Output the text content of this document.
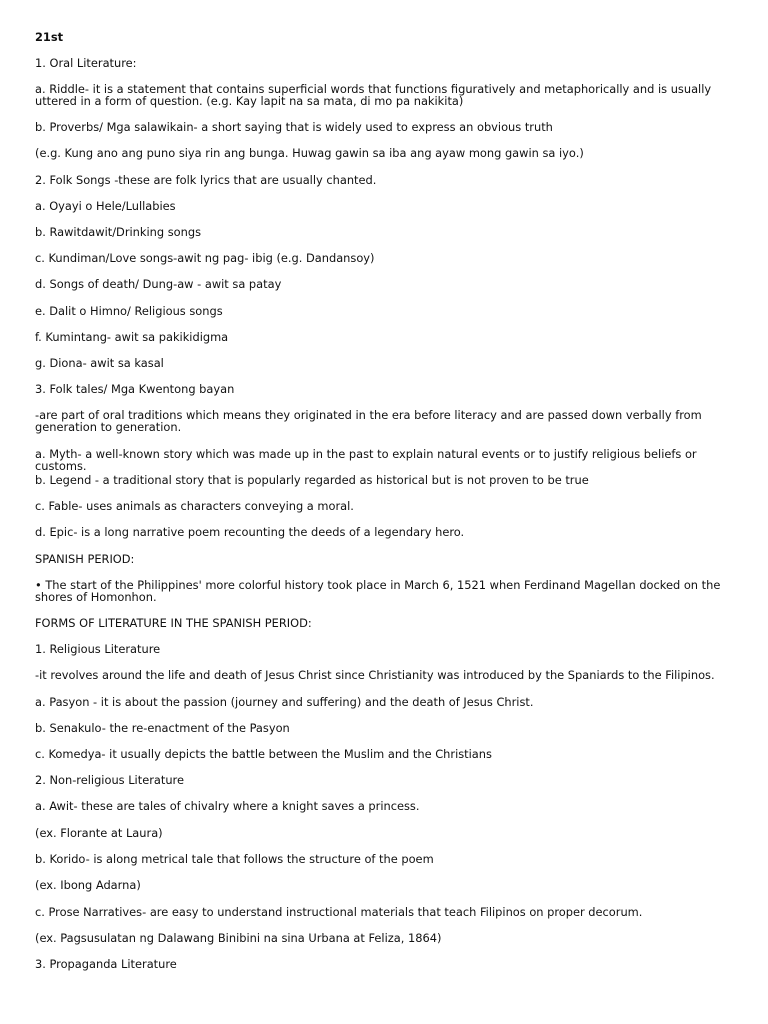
21st

1. Oral Literature:

a. Riddle- it is a statement that contains superficial words that functions figuratively and metaphorically and is usually uttered in a form of question. (e.g. Kay lapit na sa mata, di mo pa nakikita)

b. Proverbs/ Mga salawikain- a short saying that is widely used to express an obvious truth

(e.g. Kung ano ang puno siya rin ang bunga. Huwag gawin sa iba ang ayaw mong gawin sa iyo.)

2. Folk Songs -these are folk lyrics that are usually chanted.

a. Oyayi o Hele/Lullabies

b. Rawitdawit/Drinking songs

c. Kundiman/Love songs-awit ng pag- ibig (e.g. Dandansoy)

d. Songs of death/ Dung-aw - awit sa patay

e. Dalit o Himno/ Religious songs

f. Kumintang- awit sa pakikidigma

g. Diona- awit sa kasal

3. Folk tales/ Mga Kwentong bayan

-are part of oral traditions which means they originated in the era before literacy and are passed down verbally from generation to generation.

a. Myth- a well-known story which was made up in the past to explain natural events or to justify religious beliefs or customs.

b. Legend - a traditional story that is popularly regarded as historical but is not proven to be true

c. Fable- uses animals as characters conveying a moral.

d. Epic- is a long narrative poem recounting the deeds of a legendary hero.

SPANISH PERIOD:

• The start of the Philippines' more colorful history took place in March 6, 1521 when Ferdinand Magellan docked on the shores of Homonhon.

FORMS OF LITERATURE IN THE SPANISH PERIOD:

1. Religious Literature

-it revolves around the life and death of Jesus Christ since Christianity was introduced by the Spaniards to the Filipinos.

a. Pasyon - it is about the passion (journey and suffering) and the death of Jesus Christ.

b. Senakulo- the re-enactment of the Pasyon

c. Komedya- it usually depicts the battle between the Muslim and the Christians

2. Non-religious Literature

a. Awit- these are tales of chivalry where a knight saves a princess.

(ex. Florante at Laura)

b. Korido- is along metrical tale that follows the structure of the poem

(ex. Ibong Adarna)

c. Prose Narratives- are easy to understand instructional materials that teach Filipinos on proper decorum.

(ex. Pagsusulatan ng Dalawang Binibini na sina Urbana at Feliza, 1864)

3. Propaganda Literature
